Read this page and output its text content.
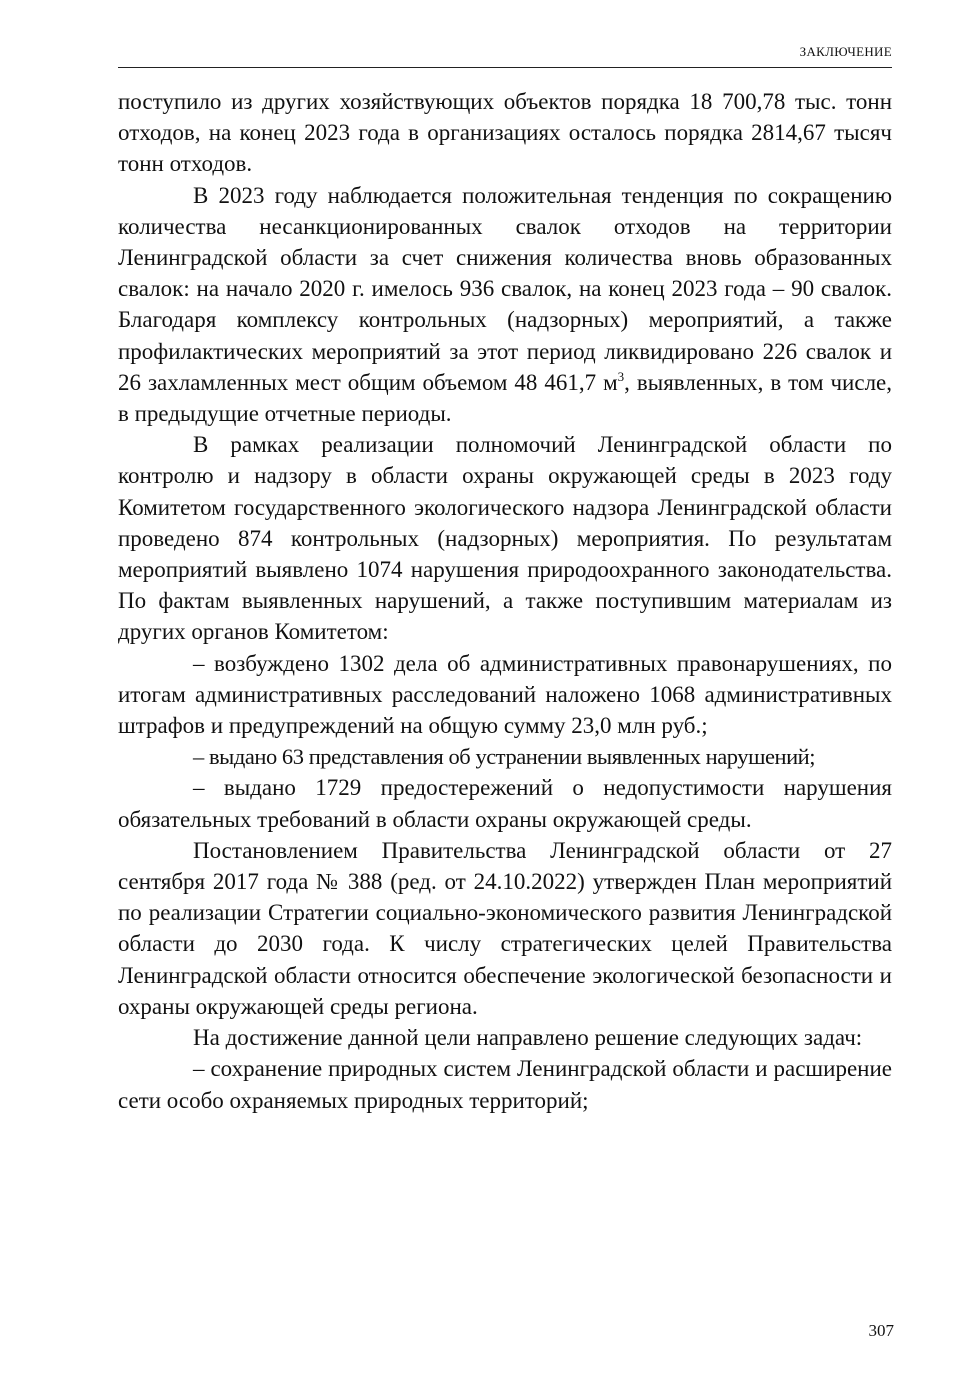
ЗАКЛЮЧЕНИЕ

поступило из других хозяйствующих объектов порядка 18 700,78 тыс. тонн отходов, на конец 2023 года в организациях осталось порядка 2814,67 тысяч тонн отходов.

В 2023 году наблюдается положительная тенденция по сокращению количества несанкционированных свалок отходов на территории Ленинградской области за счет снижения количества вновь образованных свалок: на начало 2020 г. имелось 936 свалок, на конец 2023 года – 90 свалок. Благодаря комплексу контрольных (надзорных) мероприятий, а также профилактических мероприятий за этот период ликвидировано 226 свалок и 26 захламленных мест общим объемом 48 461,7 $м^3$, выявленных, в том числе, в предыдущие отчетные периоды.

В рамках реализации полномочий Ленинградской области по контролю и надзору в области охраны окружающей среды в 2023 году Комитетом государственного экологического надзора Ленинградской области проведено 874 контрольных (надзорных) мероприятия. По результатам мероприятий выявлено 1074 нарушения природоохранного законодательства. По фактам выявленных нарушений, а также поступившим материалам из других органов Комитетом:

– возбуждено 1302 дела об административных правонарушениях, по итогам административных расследований наложено 1068 административных штрафов и предупреждений на общую сумму 23,0 млн руб.;

– выдано 63 представления об устранении выявленных нарушений;

– выдано 1729 предостережений о недопустимости нарушения обязательных требований в области охраны окружающей среды.

Постановлением Правительства Ленинградской области от 27 сентября 2017 года № 388 (ред. от 24.10.2022) утвержден План мероприятий по реализации Стратегии социально-экономического развития Ленинградской области до 2030 года. К числу стратегических целей Правительства Ленинградской области относится обеспечение экологической безопасности и охраны окружающей среды региона.

На достижение данной цели направлено решение следующих задач:

– сохранение природных систем Ленинградской области и расширение сети особо охраняемых природных территорий;

307
